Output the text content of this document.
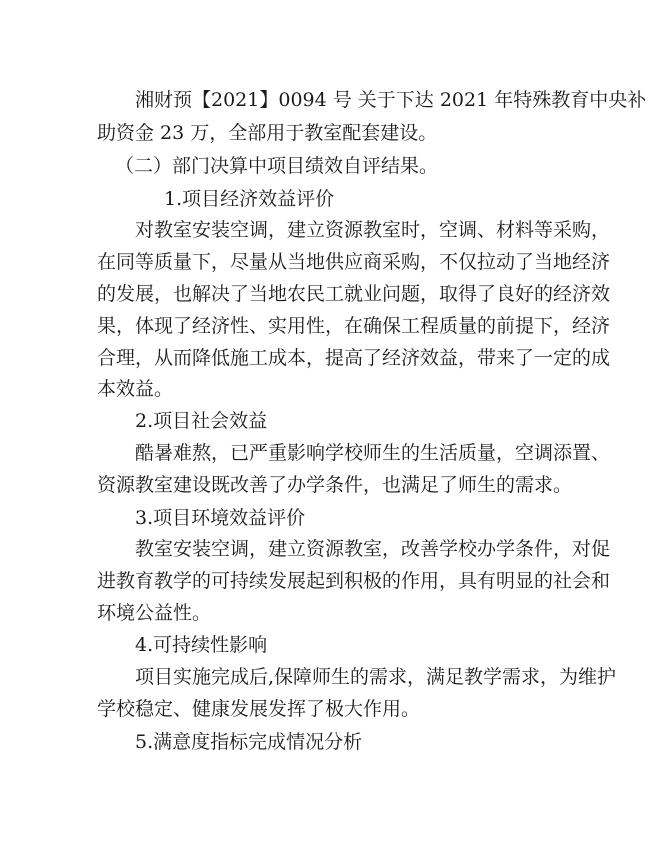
湘财预【2021】0094 号 关于下达 2021 年特殊教育中央补
助资金 23 万，全部用于教室配套建设。
（二）部门决算中项目绩效自评结果。
1.项目经济效益评价
对教室安装空调，建立资源教室时，空调、材料等采购，
在同等质量下，尽量从当地供应商采购，不仅拉动了当地经济
的发展，也解决了当地农民工就业问题，取得了良好的经济效
果，体现了经济性、实用性，在确保工程质量的前提下，经济
合理，从而降低施工成本，提高了经济效益，带来了一定的成
本效益。
2.项目社会效益
酷暑难熬，已严重影响学校师生的生活质量，空调添置、
资源教室建设既改善了办学条件，也满足了师生的需求。
3.项目环境效益评价
教室安装空调，建立资源教室，改善学校办学条件，对促
进教育教学的可持续发展起到积极的作用，具有明显的社会和
环境公益性。
4.可持续性影响
项目实施完成后,保障师生的需求，满足教学需求，为维护
学校稳定、健康发展发挥了极大作用。
5.满意度指标完成情况分析
